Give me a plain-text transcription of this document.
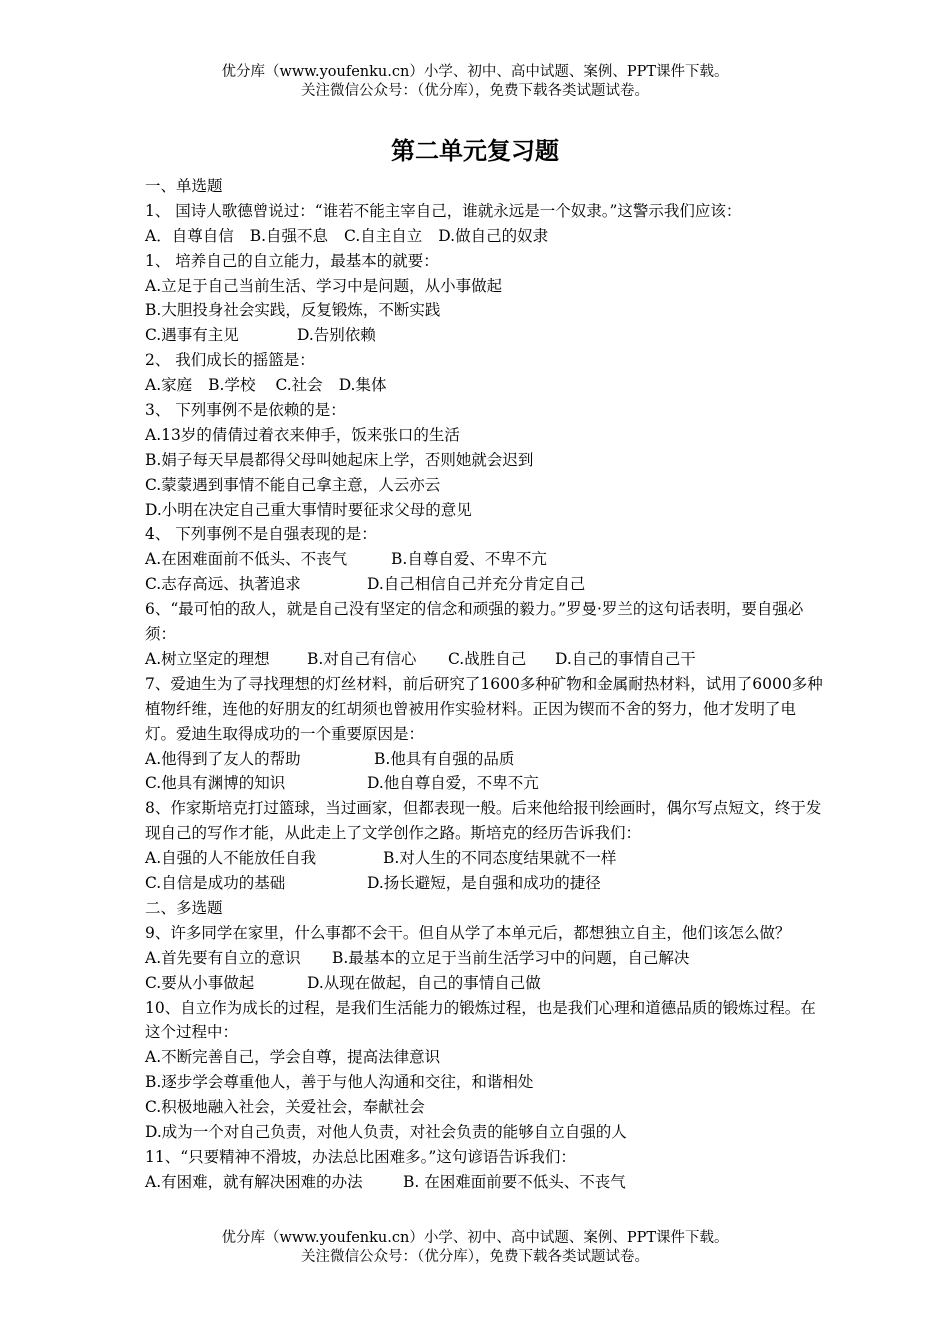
优分库（www.youfenku.cn）小学、初中、高中试题、案例、PPT课件下载。
关注微信公众号：（优分库），免费下载各类试题试卷。
第二单元复习题
一、单选题
1、 国诗人歌德曾说过：“谁若不能主宰自己，谁就永远是一个奴隶。”这警示我们应该：
A．自尊自信 B.自强不息 C.自主自立 D.做自己的奴隶
1、 培养自己的自立能力，最基本的就要：
A.立足于自己当前生活、学习中是问题，从小事做起
B.大胆投身社会实践，反复锻炼，不断实践
C.遇事有主见	D.告别依赖
2、 我们成长的摇篮是：
A.家庭 B.学校 C.社会 D.集体
3、 下列事例不是依赖的是：
A.13岁的倩倩过着衣来伸手，饭来张口的生活
B.娟子每天早晨都得父母叫她起床上学，否则她就会迟到
C.蒙蒙遇到事情不能自己拿主意，人云亦云
D.小明在决定自己重大事情时要征求父母的意见
4、 下列事例不是自强表现的是：
A.在困难面前不低头、不丧气	B.自尊自爱、不卑不亢
C.志存高远、执著追求	D.自己相信自己并充分肯定自己
6、“最可怕的敌人，就是自己没有坚定的信念和顽强的毅力。”罗曼·罗兰的这句话表明，要自强必须：
A.树立坚定的理想 B.对自己有信心 C.战胜自己 D.自己的事情自己干
7、爱迪生为了寻找理想的灯丝材料，前后研究了1600多种矿物和金属耐热材料，试用了6000多种植物纤维，连他的好朋友的红胡须也曾被用作实验材料。正因为锲而不舍的努力，他才发明了电灯。爱迪生取得成功的一个重要原因是：
A.他得到了友人的帮助	B.他具有自强的品质
C.他具有渊博的知识	D.他自尊自爱，不卑不亢
8、作家斯培克打过篮球，当过画家，但都表现一般。后来他给报刊绘画时，偶尔写点短文，终于发现自己的写作才能，从此走上了文学创作之路。斯培克的经历告诉我们：
A.自强的人不能放任自我	B.对人生的不同态度结果就不一样
C.自信是成功的基础	D.扬长避短，是自强和成功的捷径
二、多选题
9、许多同学在家里，什么事都不会干。但自从学了本单元后，都想独立自主，他们该怎么做？
A.首先要有自立的意识 B.最基本的立足于当前生活学习中的问题，自己解决
C.要从小事做起	D.从现在做起，自己的事情自己做
10、自立作为成长的过程，是我们生活能力的锻炼过程，也是我们心理和道德品质的锻炼过程。在这个过程中：
A.不断完善自己，学会自尊，提高法律意识
B.逐步学会尊重他人，善于与他人沟通和交往，和谐相处
C.积极地融入社会，关爱社会，奉献社会
D.成为一个对自己负责，对他人负责，对社会负责的能够自立自强的人
11、“只要精神不滑坡，办法总比困难多。”这句谚语告诉我们：
A.有困难，就有解决困难的办法	B. 在困难面前要不低头、不丧气
优分库（www.youfenku.cn）小学、初中、高中试题、案例、PPT课件下载。
关注微信公众号：（优分库），免费下载各类试题试卷。
